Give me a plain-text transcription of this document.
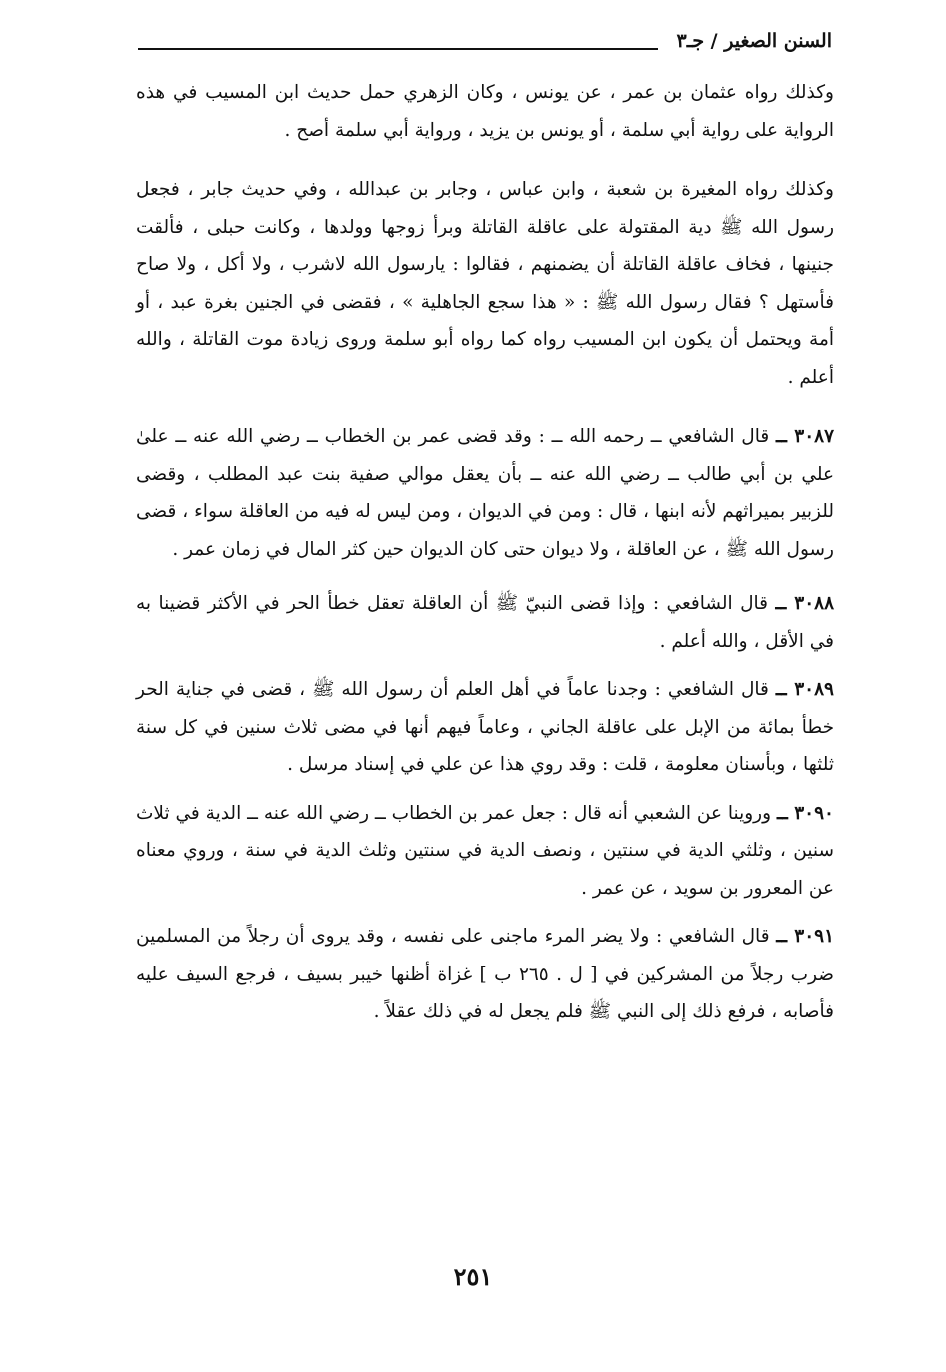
السنن الصغير / جـ٣

وكذلك رواه عثمان بن عمر ، عن يونس ، وكان الزهري حمل حديث ابن المسيب في هذه الرواية على رواية أبي سلمة ، أو يونس بن يزيد ، ورواية أبي سلمة أصح .

وكذلك رواه المغيرة بن شعبة ، وابن عباس ، وجابر بن عبدالله ، وفي حديث جابر ، فجعل رسول الله ﷺ دية المقتولة على عاقلة القاتلة وبرأ زوجها وولدها ، وكانت حبلى ، فألقت جنينها ، فخاف عاقلة القاتلة أن يضمنهم ، فقالوا : يارسول الله لاشرب ، ولا أكل ، ولا صاح فأستهل ؟ فقال رسول الله ﷺ : « هذا سجع الجاهلية » ، فقضى في الجنين بغرة عبد ، أو أمة ويحتمل أن يكون ابن المسيب رواه كما رواه أبو سلمة وروى زيادة موت القاتلة ، والله أعلم .

٣٠٨٧ ــ قال الشافعي ــ رحمه الله ــ : وقد قضى عمر بن الخطاب ــ رضي الله عنه ــ علىٰ علي بن أبي طالب ــ رضي الله عنه ــ بأن يعقل موالي صفية بنت عبد المطلب ، وقضى للزبير بميراثهم لأنه ابنها ، قال : ومن في الديوان ، ومن ليس له فيه من العاقلة سواء ، قضى رسول الله ﷺ ، عن العاقلة ، ولا ديوان حتى كان الديوان حين كثر المال في زمان عمر .

٣٠٨٨ ــ قال الشافعي : وإذا قضى النبيّ ﷺ أن العاقلة تعقل خطأ الحر في الأكثر قضينا به في الأقل ، والله أعلم .

٣٠٨٩ ــ قال الشافعي : وجدنا عاماً في أهل العلم أن رسول الله ﷺ ، قضى في جناية الحر خطأ بمائة من الإبل على عاقلة الجاني ، وعاماً فيهم أنها في مضى ثلاث سنين في كل سنة ثلثها ، وبأسنان معلومة ، قلت : وقد روي هذا عن علي في إسناد مرسل .

٣٠٩٠ ــ وروينا عن الشعبي أنه قال : جعل عمر بن الخطاب ــ رضي الله عنه ــ الدية في ثلاث سنين ، وثلثي الدية في سنتين ، ونصف الدية في سنتين وثلث الدية في سنة ، وروي معناه عن المعرور بن سويد ، عن عمر .

٣٠٩١ ــ قال الشافعي : ولا يضر المرء ماجنى على نفسه ، وقد يروى أن رجلاً من المسلمين ضرب رجلاً من المشركين في [ ل . ٢٦٥ ب ] غزاة أظنها خيبر بسيف ، فرجع السيف عليه فأصابه ، فرفع ذلك إلى النبي ﷺ فلم يجعل له في ذلك عقلاً .

٢٥١
